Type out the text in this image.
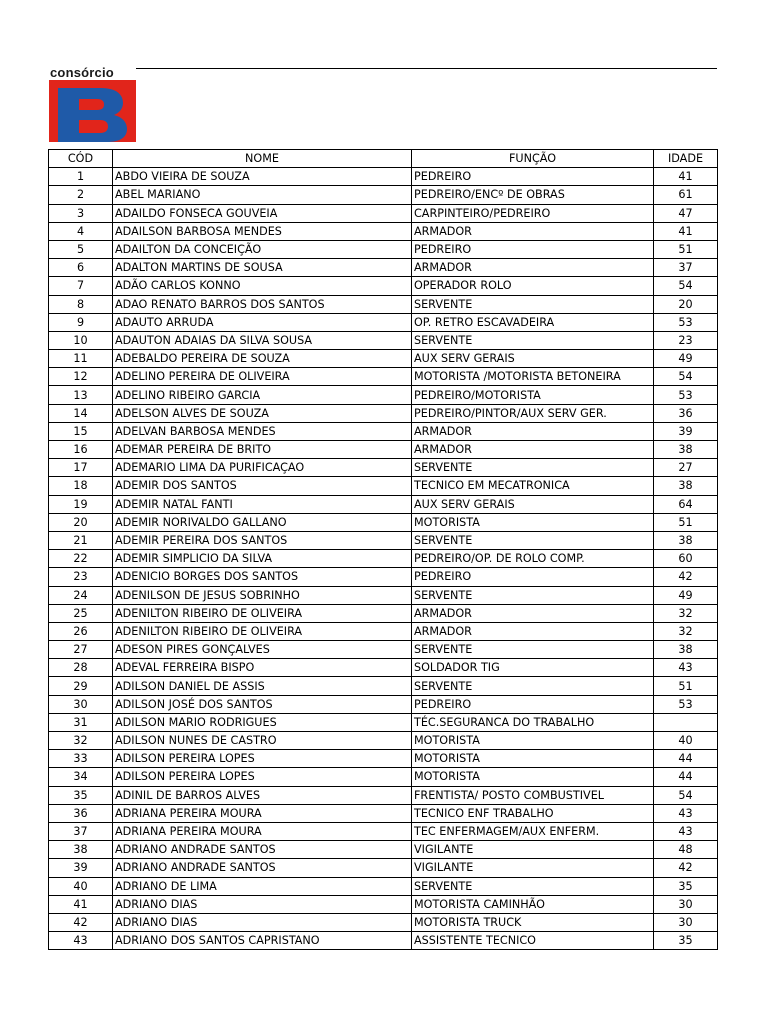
consórcio
CÓD	NOME	FUNÇÃO	IDADE
1	ABDO VIEIRA DE SOUZA	PEDREIRO	41
2	ABEL MARIANO	PEDREIRO/ENCº DE OBRAS	61
3	ADAILDO FONSECA GOUVEIA	CARPINTEIRO/PEDREIRO	47
4	ADAILSON BARBOSA MENDES	ARMADOR	41
5	ADAILTON DA CONCEIÇÃO	PEDREIRO	51
6	ADALTON MARTINS DE SOUSA	ARMADOR	37
7	ADÃO CARLOS KONNO	OPERADOR ROLO	54
8	ADAO RENATO BARROS DOS SANTOS	SERVENTE	20
9	ADAUTO ARRUDA	OP. RETRO ESCAVADEIRA	53
10	ADAUTON ADAIAS DA SILVA SOUSA	SERVENTE	23
11	ADEBALDO PEREIRA DE SOUZA	AUX SERV GERAIS	49
12	ADELINO PEREIRA DE OLIVEIRA	MOTORISTA /MOTORISTA BETONEIRA	54
13	ADELINO RIBEIRO GARCIA	PEDREIRO/MOTORISTA	53
14	ADELSON ALVES DE SOUZA	PEDREIRO/PINTOR/AUX SERV GER.	36
15	ADELVAN BARBOSA MENDES	ARMADOR	39
16	ADEMAR PEREIRA DE BRITO	ARMADOR	38
17	ADEMARIO LIMA DA PURIFICAÇAO	SERVENTE	27
18	ADEMIR DOS SANTOS	TECNICO EM MECATRONICA	38
19	ADEMIR NATAL FANTI	AUX SERV GERAIS	64
20	ADEMIR NORIVALDO GALLANO	MOTORISTA	51
21	ADEMIR PEREIRA DOS SANTOS	SERVENTE	38
22	ADEMIR SIMPLICIO DA SILVA	PEDREIRO/OP. DE ROLO COMP.	60
23	ADENICIO BORGES DOS SANTOS	PEDREIRO	42
24	ADENILSON DE JESUS SOBRINHO	SERVENTE	49
25	ADENILTON RIBEIRO DE OLIVEIRA	ARMADOR	32
26	ADENILTON RIBEIRO DE OLIVEIRA	ARMADOR	32
27	ADESON PIRES GONÇALVES	SERVENTE	38
28	ADEVAL FERREIRA BISPO	SOLDADOR TIG	43
29	ADILSON DANIEL DE ASSIS	SERVENTE	51
30	ADILSON JOSÉ DOS SANTOS	PEDREIRO	53
31	ADILSON MARIO RODRIGUES	TÉC.SEGURANCA DO TRABALHO	
32	ADILSON NUNES DE CASTRO	MOTORISTA	40
33	ADILSON PEREIRA LOPES	MOTORISTA	44
34	ADILSON PEREIRA LOPES	MOTORISTA	44
35	ADINIL DE BARROS ALVES	FRENTISTA/ POSTO COMBUSTIVEL	54
36	ADRIANA PEREIRA MOURA	TECNICO ENF TRABALHO	43
37	ADRIANA PEREIRA MOURA	TEC ENFERMAGEM/AUX ENFERM.	43
38	ADRIANO ANDRADE SANTOS	VIGILANTE	48
39	ADRIANO ANDRADE SANTOS	VIGILANTE	42
40	ADRIANO DE LIMA	SERVENTE	35
41	ADRIANO DIAS	MOTORISTA CAMINHÃO	30
42	ADRIANO DIAS	MOTORISTA TRUCK	30
43	ADRIANO DOS SANTOS CAPRISTANO	ASSISTENTE TECNICO	35
